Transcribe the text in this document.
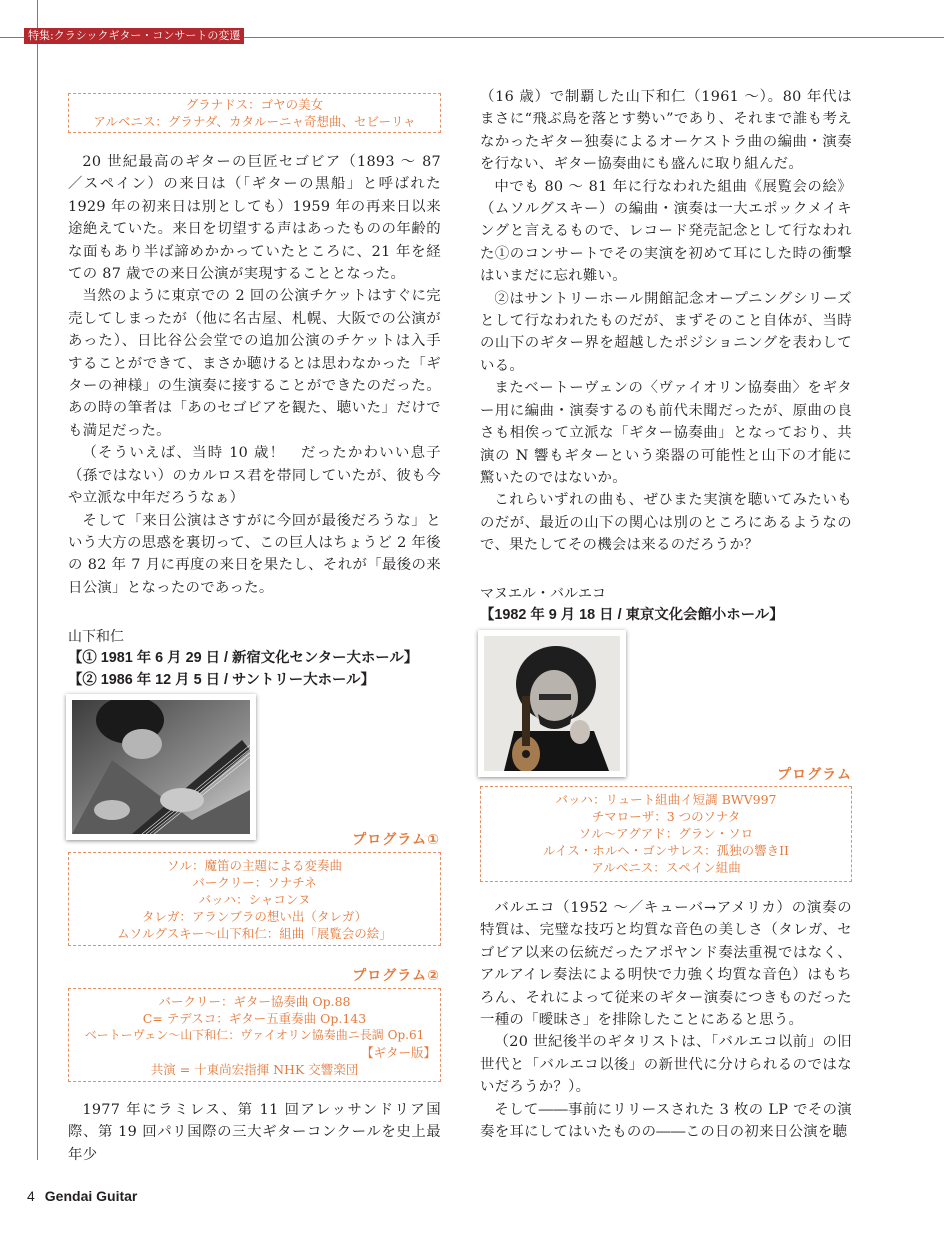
特集:クラシックギター・コンサートの変遷
グラナドス：ゴヤの美女
アルベニス：グラナダ、カタルーニャ奇想曲、セビーリャ

20 世紀最高のギターの巨匠セゴビア（1893 ～ 87 ／スペイン）の来日は（「ギターの黒船」と呼ばれた 1929 年の初来日は別としても）1959 年の再来日以来途絶えていた。来日を切望する声はあったものの年齢的な面もあり半ば諦めかかっていたところに、21 年を経ての 87 歳での来日公演が実現することとなった。

当然のように東京での 2 回の公演チケットはすぐに完売してしまったが（他に名古屋、札幌、大阪での公演があった）、日比谷公会堂での追加公演のチケットは入手することができて、まさか聴けるとは思わなかった「ギターの神様」の生演奏に接することができたのだった。あの時の筆者は「あのセゴビアを観た、聴いた」だけでも満足だった。

（そういえば、当時 10 歳！　だったかわいい息子（孫ではない）のカルロス君を帯同していたが、彼も今や立派な中年だろうなぁ）

そして「来日公演はさすがに今回が最後だろうな」という大方の思惑を裏切って、この巨人はちょうど 2 年後の 82 年 7 月に再度の来日を果たし、それが「最後の来日公演」となったのであった。

山下和仁
【① 1981 年 6 月 29 日 / 新宿文化センター大ホール】
【② 1986 年 12 月 5 日 / サントリー大ホール】
プログラム①
ソル：魔笛の主題による変奏曲
バークリー：ソナチネ
バッハ：シャコンヌ
タレガ：アランブラの想い出（タレガ）
ムソルグスキー～山下和仁：組曲「展覧会の絵」
プログラム②
バークリー：ギター協奏曲 Op.88
C= テデスコ：ギター五重奏曲 Op.143
ベートーヴェン～山下和仁：ヴァイオリン協奏曲ニ長調 Op.61
【ギター版】
共演 = 十東尚宏指揮 NHK 交響楽団

1977 年にラミレス、第 11 回アレッサンドリア国際、第 19 回パリ国際の三大ギターコンクールを史上最年少

（16 歳）で制覇した山下和仁（1961 ～）。80 年代はまさに“飛ぶ鳥を落とす勢い”であり、それまで誰も考えなかったギター独奏によるオーケストラ曲の編曲・演奏を行ない、ギター協奏曲にも盛んに取り組んだ。

中でも 80 ～ 81 年に行なわれた組曲《展覧会の絵》（ムソルグスキー）の編曲・演奏は一大エポックメイキングと言えるもので、レコード発売記念として行なわれた①のコンサートでその実演を初めて耳にした時の衝撃はいまだに忘れ難い。

②はサントリーホール開館記念オープニングシリーズとして行なわれたものだが、まずそのこと自体が、当時の山下のギター界を超越したポジショニングを表わしている。

またベートーヴェンの〈ヴァイオリン協奏曲〉をギター用に編曲・演奏するのも前代未聞だったが、原曲の良さも相俟って立派な「ギター協奏曲」となっており、共演の N 響もギターという楽器の可能性と山下の才能に驚いたのではないか。

これらいずれの曲も、ぜひまた実演を聴いてみたいものだが、最近の山下の関心は別のところにあるようなので、果たしてその機会は来るのだろうか？

マヌエル・バルエコ
【1982 年 9 月 18 日 / 東京文化会館小ホール】
プログラム
バッハ：リュート組曲イ短調 BWV997
チマローザ：3 つのソナタ
ソル～アグアド：グラン・ソロ
ルイス・ホルヘ・ゴンサレス：孤独の響きII
アルベニス：スペイン組曲

バルエコ（1952 ～／キューバ→アメリカ）の演奏の特質は、完璧な技巧と均質な音色の美しさ（タレガ、セゴビア以来の伝統だったアポヤンド奏法重視ではなく、アルアイレ奏法による明快で力強く均質な音色）はもちろん、それによって従来のギター演奏につきものだった一種の「曖昧さ」を排除したことにあると思う。

（20 世紀後半のギタリストは、「バルエコ以前」の旧世代と「バルエコ以後」の新世代に分けられるのではないだろうか？）。

そして――事前にリリースされた 3 枚の LP でその演奏を耳にしてはいたものの――この日の初来日公演を聴

4 Gendai Guitar
